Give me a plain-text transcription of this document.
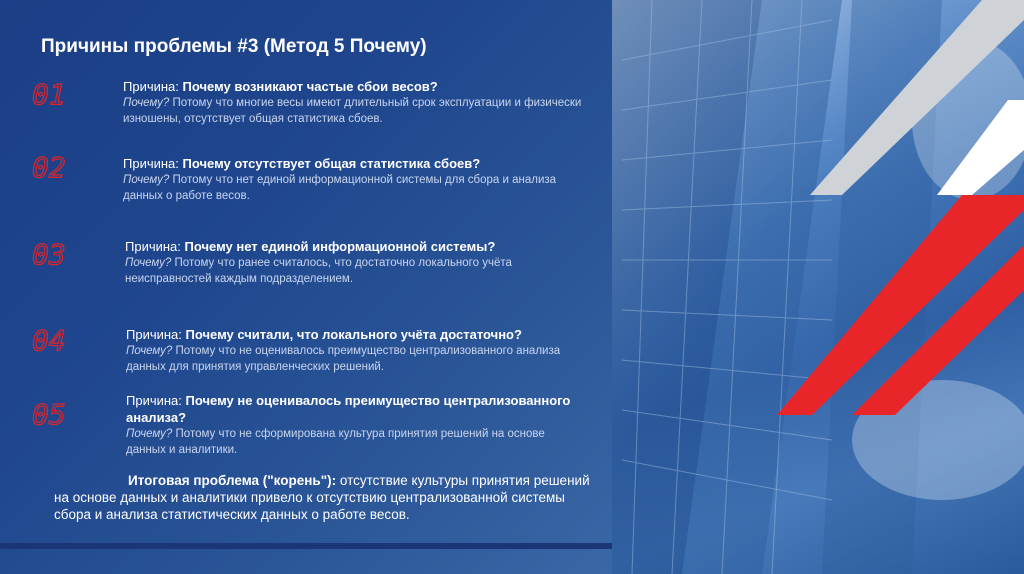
Причины проблемы #3 (Метод 5 Почему)
01	Причина: Почему возникают частые сбои весов?
Почему? Потому что многие весы имеют длительный срок эксплуатации и физически изношены, отсутствует общая статистика сбоев.
02	Причина: Почему отсутствует общая статистика сбоев?
Почему? Потому что нет единой информационной системы для сбора и анализа данных о работе весов.
03	Причина: Почему нет единой информационной системы?
Почему? Потому что ранее считалось, что достаточно локального учёта неисправностей каждым подразделением.
04	Причина: Почему считали, что локального учёта достаточно?
Почему? Потому что не оценивалось преимущество централизованного анализа данных для принятия управленческих решений.
05	Причина: Почему не оценивалось преимущество централизованного анализа?
Почему? Потому что не сформирована культура принятия решений на основе данных и аналитики.
Итоговая проблема ("корень"): отсутствие культуры принятия решений на основе данных и аналитики привело к отсутствию централизованной системы сбора и анализа статистических данных о работе весов.
